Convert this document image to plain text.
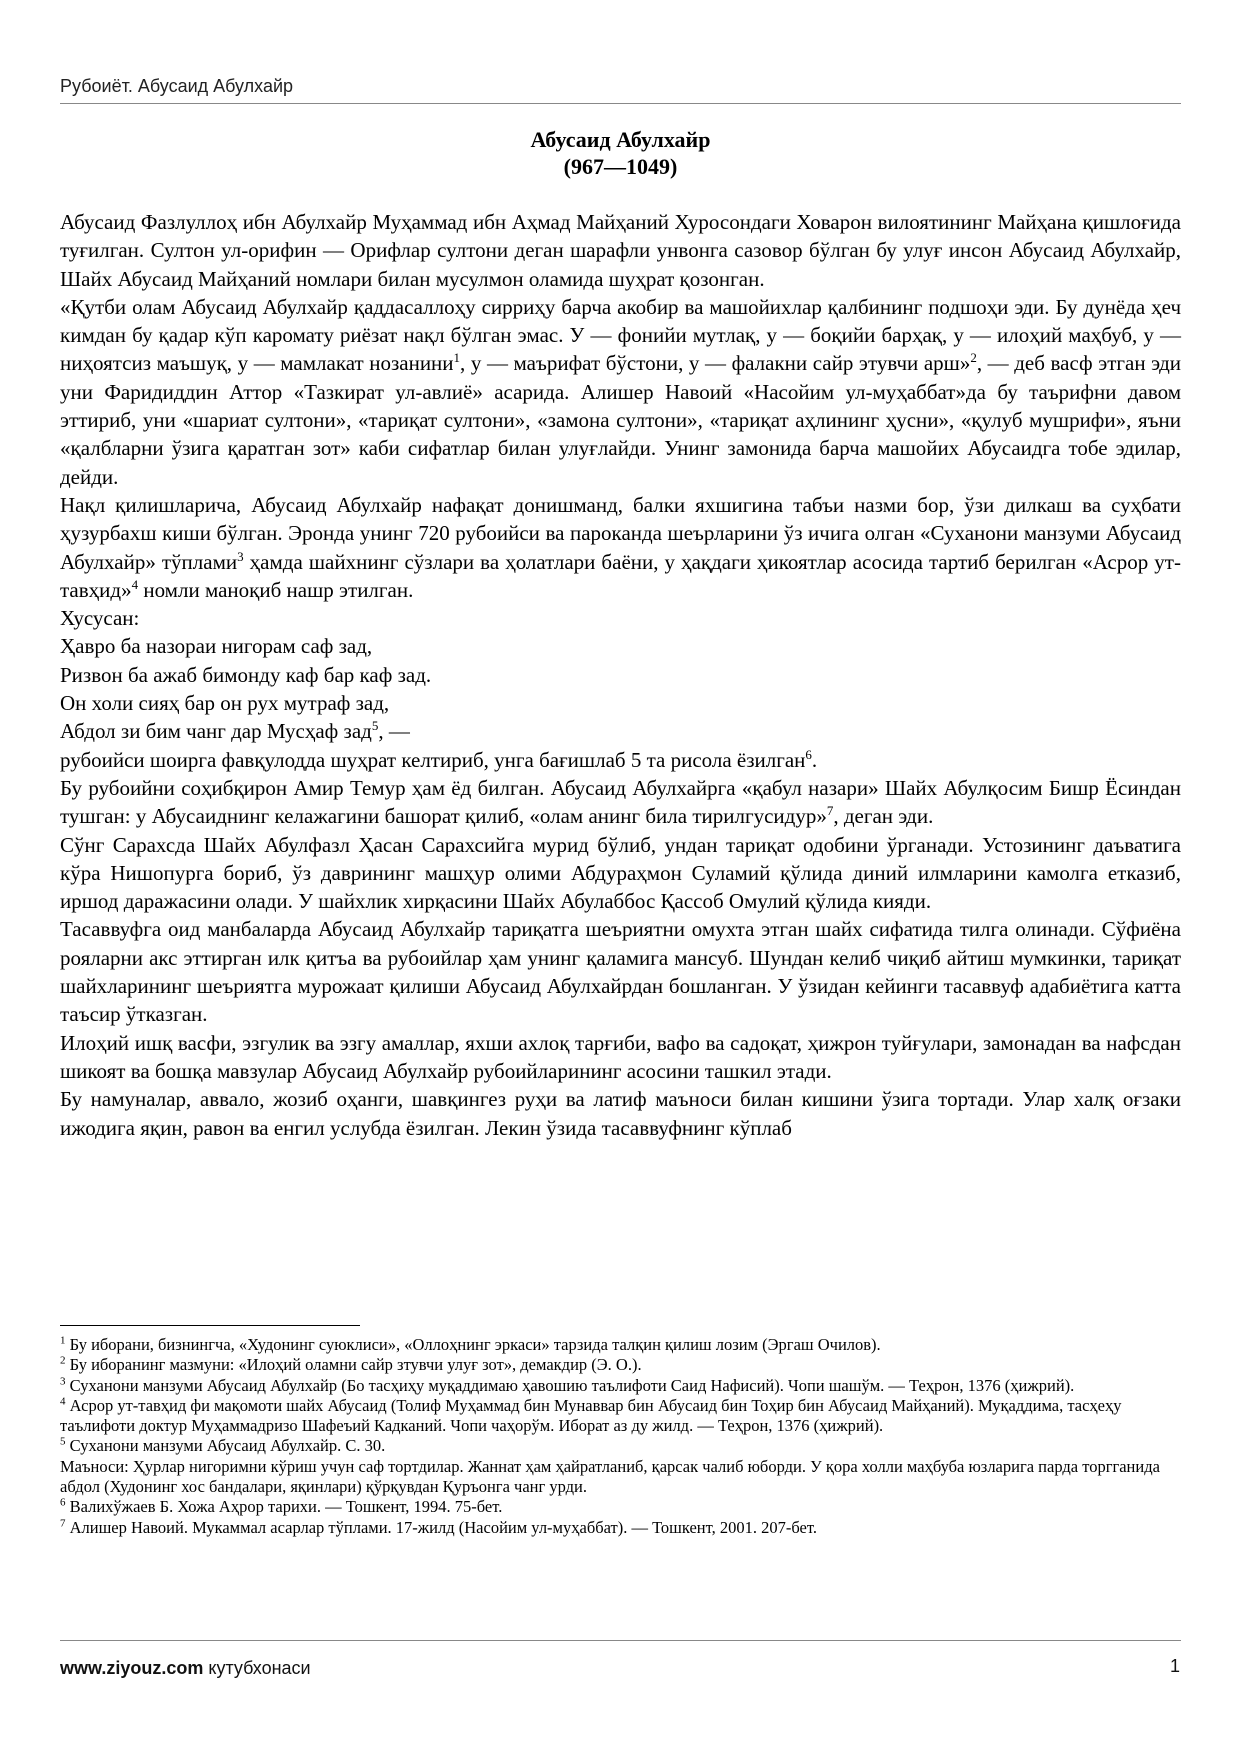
Рубоиёт. Абусаид Абулхайр
Абусаид Абулхайр
(967—1049)

Абусаид Фазлуллоҳ ибн Абулхайр Муҳаммад ибн Аҳмад Майҳаний Хуросондаги Ховарон вилоятининг Майҳана қишлоғида туғилган. Султон ул-орифин — Орифлар султони деган шарафли унвонга сазовор бўлган бу улуғ инсон Абусаид Абулхайр, Шайх Абусаид Майҳаний номлари билан мусулмон оламида шуҳрат қозонган.

«Қутби олам Абусаид Абулхайр қаддасаллоҳу сирриҳу барча акобир ва машойихлар қалбининг подшоҳи эди. Бу дунёда ҳеч кимдан бу қадар кўп каромату риёзат нақл бўлган эмас. У — фонийи мутлақ, у — боқийи барҳақ, у — илоҳий маҳбуб, у — ниҳоятсиз маъшуқ, у — мамлакат нозанини$^1$, у — маърифат бўстони, у — фалакни сайр этувчи арш»$^2$, — деб васф этган эди уни Фаридиддин Аттор «Тазкират ул-авлиё» асарида. Алишер Навоий «Насойим ул-муҳаббат»да бу таърифни давом эттириб, уни «шариат султони», «тариқат султони», «замона султони», «тариқат аҳлининг ҳусни», «қулуб мушрифи», яъни «қалбларни ўзига қаратган зот» каби сифатлар билан улуғлайди. Унинг замонида барча машойих Абусаидга тобе эдилар, дейди.

Нақл қилишларича, Абусаид Абулхайр нафақат донишманд, балки яхшигина табъи назми бор, ўзи дилкаш ва суҳбати ҳузурбахш киши бўлган. Эронда унинг 720 рубоийси ва пароканда шеърларини ўз ичига олган «Суханони манзуми Абусаид Абулхайр» тўплами$^3$ ҳамда шайхнинг сўзлари ва ҳолатлари баёни, у ҳақдаги ҳикоятлар асосида тартиб берилган «Асрор ут-тавҳид»$^4$ номли маноқиб нашр этилган.

Хусусан:

Ҳавро ба назораи нигорам саф зад,

Ризвон ба ажаб бимонду каф бар каф зад.

Он холи сияҳ бар он рух мутраф зад,

Абдол зи бим чанг дар Мусҳаф зад$^5$, —

рубоийси шоирга фавқулодда шуҳрат келтириб, унга бағишлаб 5 та рисола ёзилган$^6$.

Бу рубоийни соҳибқирон Амир Темур ҳам ёд билган. Абусаид Абулхайрга «қабул назари» Шайх Абулқосим Бишр Ёсиндан тушган: у Абусаиднинг келажагини башорат қилиб, «олам анинг била тирилгусидур»$^7$, деган эди.

Сўнг Сарахсда Шайх Абулфазл Ҳасан Сарахсийга мурид бўлиб, ундан тариқат одобини ўрганади. Устозининг даъватига кўра Нишопурга бориб, ўз даврининг машҳур олими Абдураҳмон Суламий қўлида диний илмларини камолга етказиб, иршод даражасини олади. У шайхлик хирқасини Шайх Абулаббос Қассоб Омулий қўлида кияди.

Тасаввуфга оид манбаларда Абусаид Абулхайр тариқатга шеъриятни омухта этган шайх сифатида тилга олинади. Сўфиёна рояларни акс эттирган илк қитъа ва рубоийлар ҳам унинг қаламига мансуб. Шундан келиб чиқиб айтиш мумкинки, тариқат шайхларининг шеъриятга мурожаат қилиши Абусаид Абулхайрдан бошланган. У ўзидан кейинги тасаввуф адабиётига катта таъсир ўтказган.

Илоҳий ишқ васфи, эзгулик ва эзгу амаллар, яхши ахлоқ тарғиби, вафо ва садоқат, ҳижрон туйғулари, замонадан ва нафсдан шикоят ва бошқа мавзулар Абусаид Абулхайр рубоийларининг асосини ташкил этади.

Бу намуналар, аввало, жозиб оҳанги, шавқингез руҳи ва латиф маъноси билан кишини ўзига тортади. Улар халқ оғзаки ижодига яқин, равон ва енгил услубда ёзилган. Лекин ўзида тасаввуфнинг кўплаб

$^1$ Бу иборани, бизнингча, «Худонинг суюклиси», «Оллоҳнинг эркаси» тарзида талқин қилиш лозим (Эргаш Очилов).

$^2$ Бу иборанинг мазмуни: «Илоҳий оламни сайр зтувчи улуғ зот», демакдир (Э. О.).

$^3$ Суханони манзуми Абусаид Абулхайр (Бо тасҳиҳу муқаддимаю ҳавошию таълифоти Саид Нафисий). Чопи шашўм. — Теҳрон, 1376 (ҳижрий).

$^4$ Асрор ут-тавҳид фи мақомоти шайх Абусаид (Толиф Муҳаммад бин Мунаввар бин Абусаид бин Тоҳир бин Абусаид Майҳаний). Муқаддима, тасҳеҳу таълифоти доктур Муҳаммадризо Шафеъий Кадканий. Чопи чаҳорўм. Иборат аз ду жилд. — Теҳрон, 1376 (ҳижрий).

$^5$ Суханони манзуми Абусаид Абулхайр. С. 30.

Маъноси: Ҳурлар нигоримни кўриш учун саф тортдилар. Жаннат ҳам ҳайратланиб, қарсак чалиб юборди. У қора холли маҳбуба юзларига парда торгганида абдол (Худонинг хос бандалари, яқинлари) қўрқувдан Қуръонга чанг урди.

$^6$ Валихўжаев Б. Хожа Аҳрор тарихи. — Тошкент, 1994. 75-бет.

$^7$ Алишер Навоий. Мукаммал асарлар тўплами. 17-жилд (Насойим ул-муҳаббат). — Тошкент, 2001. 207-бет.

www.ziyouz.com кутубхонаси	1
